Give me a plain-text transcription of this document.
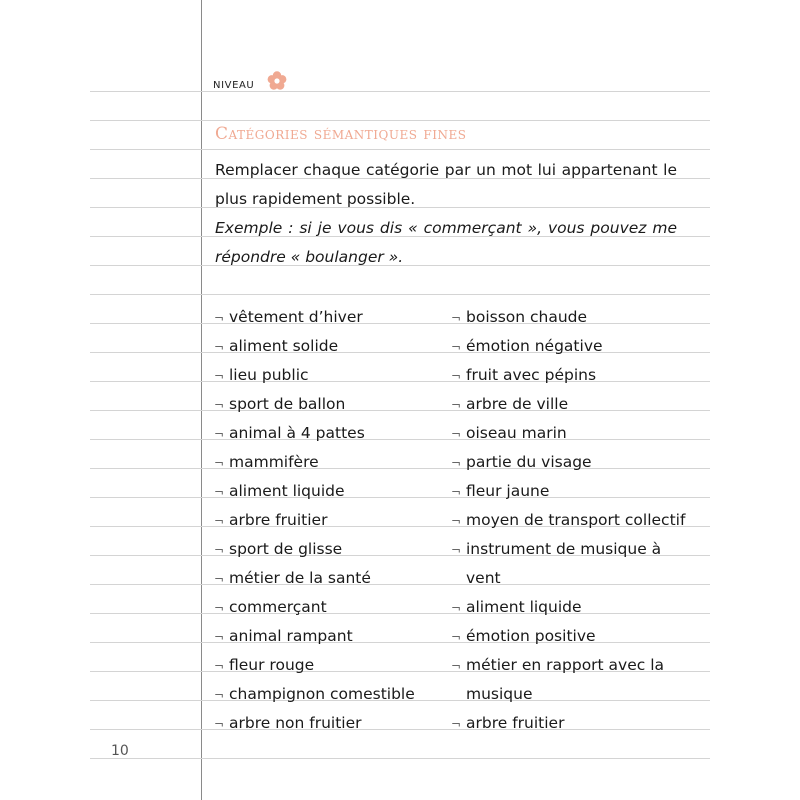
NIVEAU
Catégories sémantiques fines
Remplacer chaque catégorie par un mot lui appartenant le plus rapidement possible.
Exemple : si je vous dis « commerçant », vous pouvez me répondre « boulanger ».
¬ vêtement d’hiver
¬ aliment solide
¬ lieu public
¬ sport de ballon
¬ animal à 4 pattes
¬ mammifère
¬ aliment liquide
¬ arbre fruitier
¬ sport de glisse
¬ métier de la santé
¬ commerçant
¬ animal rampant
¬ fleur rouge
¬ champignon comestible
¬ arbre non fruitier
¬ boisson chaude
¬ émotion négative
¬ fruit avec pépins
¬ arbre de ville
¬ oiseau marin
¬ partie du visage
¬ fleur jaune
¬ moyen de transport collectif
¬ instrument de musique à vent
¬ aliment liquide
¬ émotion positive
¬ métier en rapport avec la musique
¬ arbre fruitier
10
